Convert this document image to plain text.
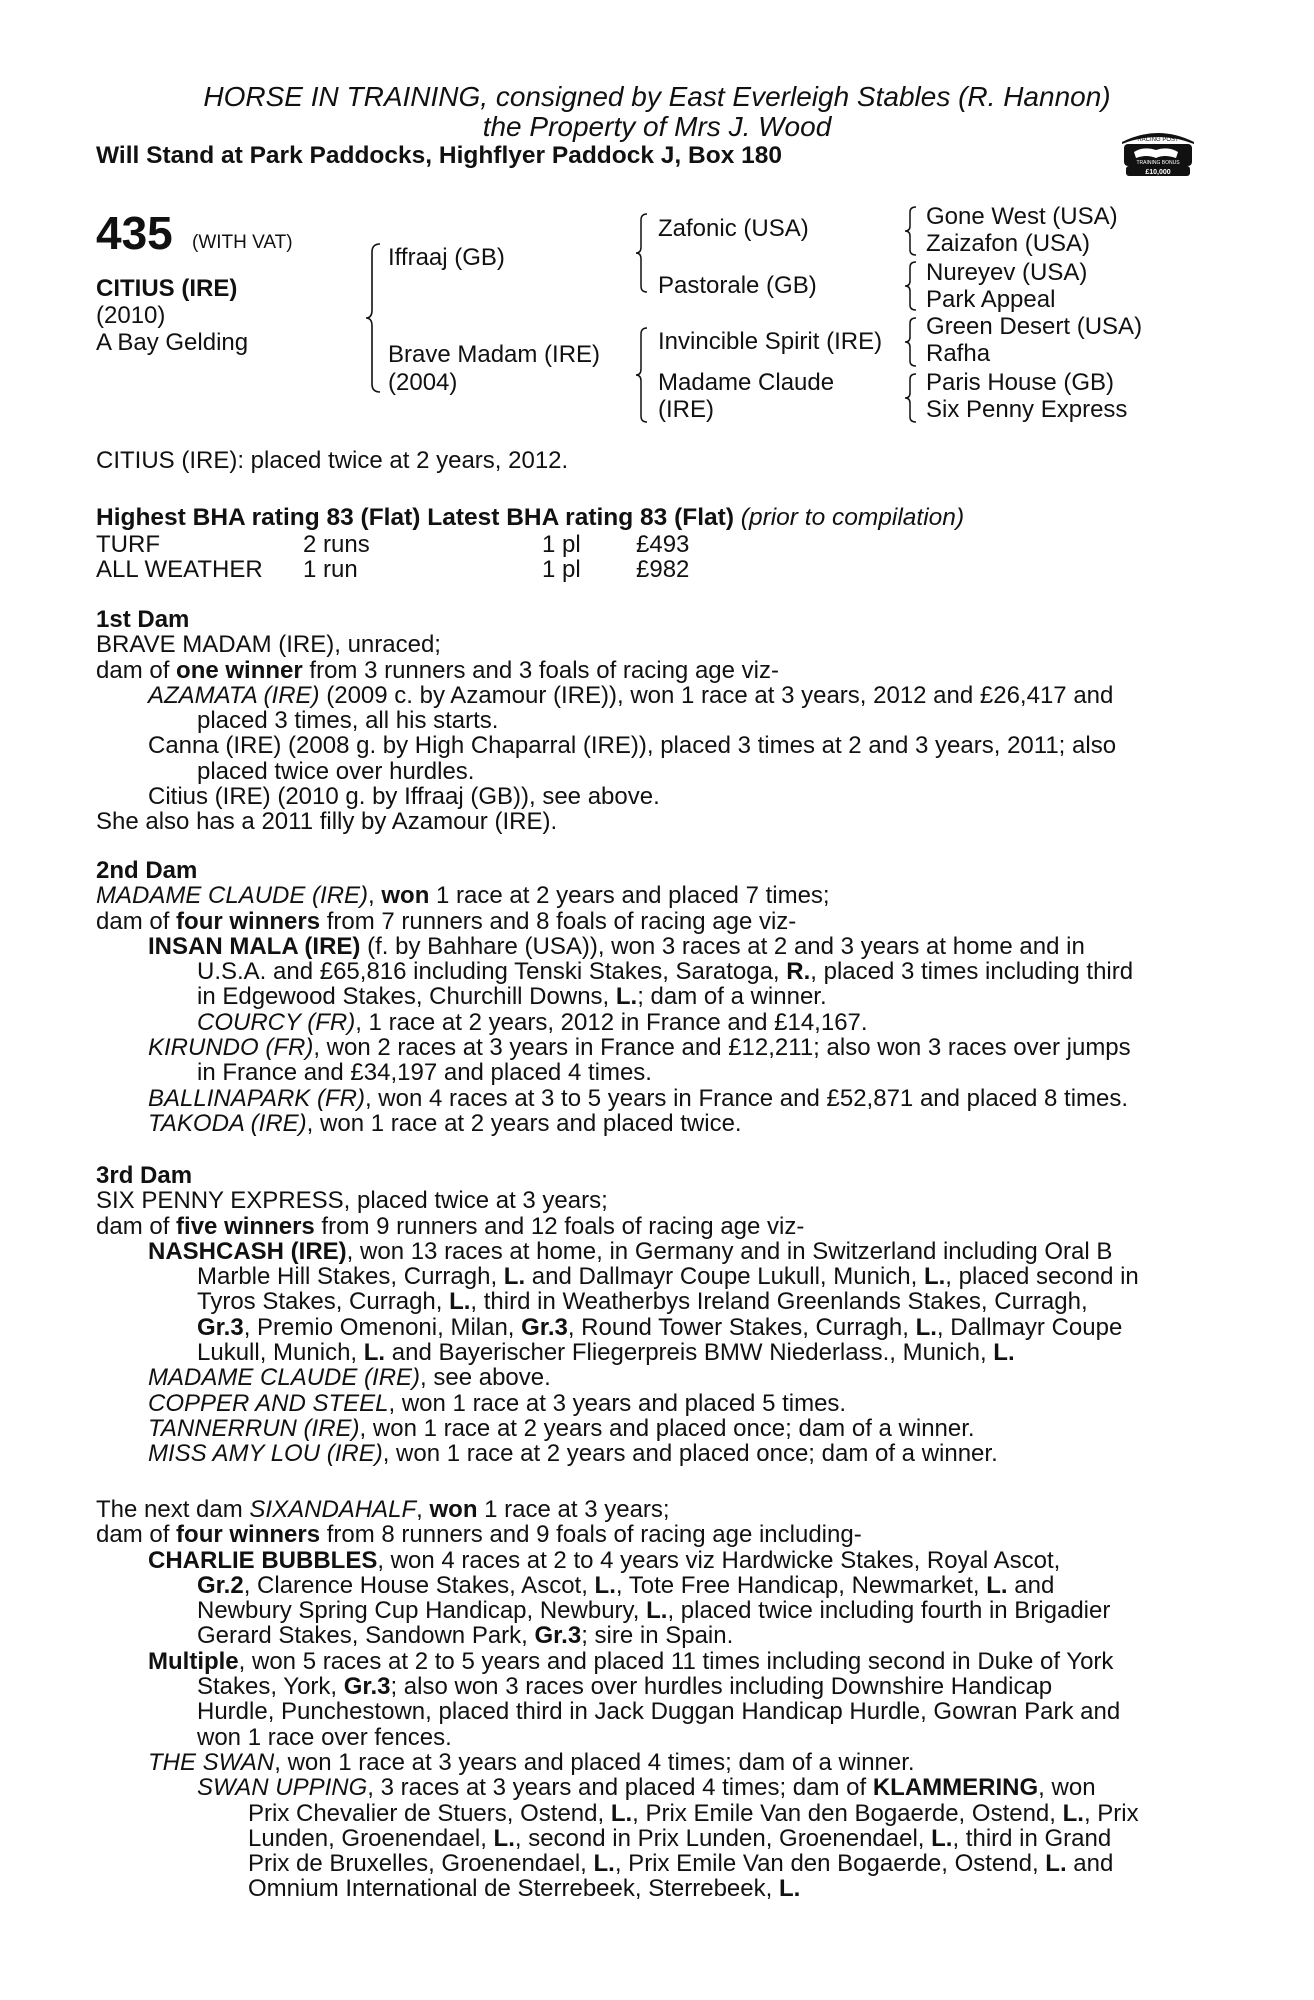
HORSE IN TRAINING, consigned by East Everleigh Stables (R. Hannon)
the Property of Mrs J. Wood
Will Stand at Park Paddocks, Highflyer Paddock J, Box 180
RACING POST
TRAINING BONUS
£10,000
435 (WITH VAT)
CITIUS (IRE)
(2010)
A Bay Gelding
Iffraaj (GB)
Brave Madam (IRE)
(2004)
Zafonic (USA)
Pastorale (GB)
Invincible Spirit (IRE)
Madame Claude
(IRE)
Gone West (USA)
Zaizafon (USA)
Nureyev (USA)
Park Appeal
Green Desert (USA)
Rafha
Paris House (GB)
Six Penny Express
CITIUS (IRE): placed twice at 2 years, 2012.
Highest BHA rating 83 (Flat) Latest BHA rating 83 (Flat) (prior to compilation)
TURF	2 runs	1 pl £493
ALL WEATHER 1 run	1 pl £982
1st Dam
BRAVE MADAM (IRE), unraced;
dam of one winner from 3 runners and 3 foals of racing age viz-
AZAMATA (IRE) (2009 c. by Azamour (IRE)), won 1 race at 3 years, 2012 and £26,417 and
placed 3 times, all his starts.
Canna (IRE) (2008 g. by High Chaparral (IRE)), placed 3 times at 2 and 3 years, 2011; also
placed twice over hurdles.
Citius (IRE) (2010 g. by Iffraaj (GB)), see above.
She also has a 2011 filly by Azamour (IRE).
2nd Dam
MADAME CLAUDE (IRE), won 1 race at 2 years and placed 7 times;
dam of four winners from 7 runners and 8 foals of racing age viz-
INSAN MALA (IRE) (f. by Bahhare (USA)), won 3 races at 2 and 3 years at home and in
U.S.A. and £65,816 including Tenski Stakes, Saratoga, R., placed 3 times including third
in Edgewood Stakes, Churchill Downs, L.; dam of a winner.
COURCY (FR), 1 race at 2 years, 2012 in France and £14,167.
KIRUNDO (FR), won 2 races at 3 years in France and £12,211; also won 3 races over jumps
in France and £34,197 and placed 4 times.
BALLINAPARK (FR), won 4 races at 3 to 5 years in France and £52,871 and placed 8 times.
TAKODA (IRE), won 1 race at 2 years and placed twice.
3rd Dam
SIX PENNY EXPRESS, placed twice at 3 years;
dam of five winners from 9 runners and 12 foals of racing age viz-
NASHCASH (IRE), won 13 races at home, in Germany and in Switzerland including Oral B
Marble Hill Stakes, Curragh, L. and Dallmayr Coupe Lukull, Munich, L., placed second in
Tyros Stakes, Curragh, L., third in Weatherbys Ireland Greenlands Stakes, Curragh,
Gr.3, Premio Omenoni, Milan, Gr.3, Round Tower Stakes, Curragh, L., Dallmayr Coupe
Lukull, Munich, L. and Bayerischer Fliegerpreis BMW Niederlass., Munich, L.
MADAME CLAUDE (IRE), see above.
COPPER AND STEEL, won 1 race at 3 years and placed 5 times.
TANNERRUN (IRE), won 1 race at 2 years and placed once; dam of a winner.
MISS AMY LOU (IRE), won 1 race at 2 years and placed once; dam of a winner.
The next dam SIXANDAHALF, won 1 race at 3 years;
dam of four winners from 8 runners and 9 foals of racing age including-
CHARLIE BUBBLES, won 4 races at 2 to 4 years viz Hardwicke Stakes, Royal Ascot,
Gr.2, Clarence House Stakes, Ascot, L., Tote Free Handicap, Newmarket, L. and
Newbury Spring Cup Handicap, Newbury, L., placed twice including fourth in Brigadier
Gerard Stakes, Sandown Park, Gr.3; sire in Spain.
Multiple, won 5 races at 2 to 5 years and placed 11 times including second in Duke of York
Stakes, York, Gr.3; also won 3 races over hurdles including Downshire Handicap
Hurdle, Punchestown, placed third in Jack Duggan Handicap Hurdle, Gowran Park and
won 1 race over fences.
THE SWAN, won 1 race at 3 years and placed 4 times; dam of a winner.
SWAN UPPING, 3 races at 3 years and placed 4 times; dam of KLAMMERING, won
Prix Chevalier de Stuers, Ostend, L., Prix Emile Van den Bogaerde, Ostend, L., Prix
Lunden, Groenendael, L., second in Prix Lunden, Groenendael, L., third in Grand
Prix de Bruxelles, Groenendael, L., Prix Emile Van den Bogaerde, Ostend, L. and
Omnium International de Sterrebeek, Sterrebeek, L.
